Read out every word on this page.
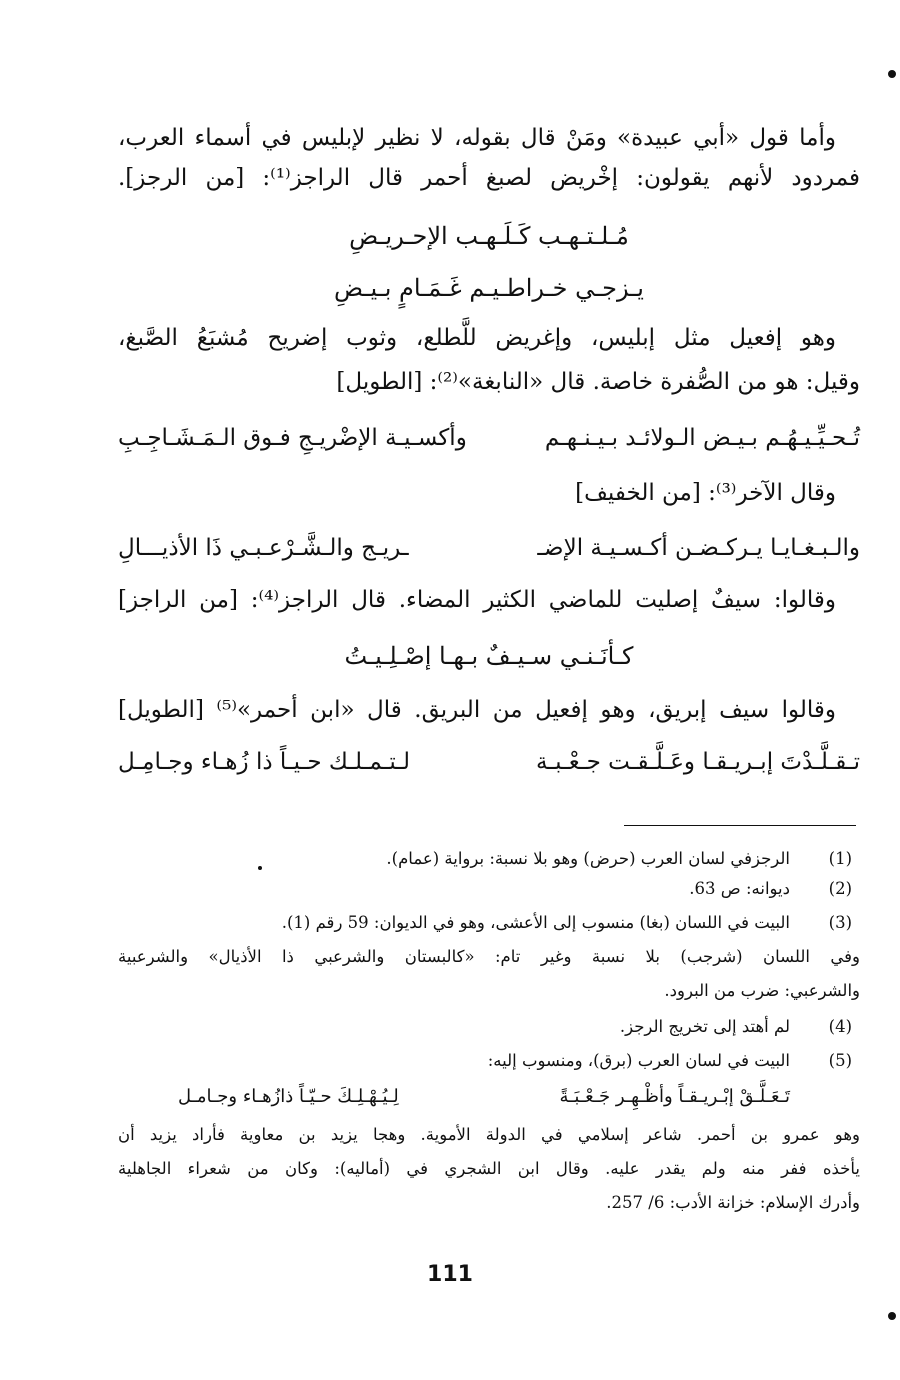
وأما قول «أبي عبيدة» ومَنْ قال بقوله، لا نظير لإبليس في أسماء العرب،
فمردود لأنهم يقولون: إخْريض لصبغ أحمر قال الراجز⁽¹⁾: [من الرجز].
مُـلـتـهـب كَـلَـهـب الإحـريـضِ
يـزجـي خـراطـيـم غَـمَـامٍ بـيـضِ
وهو إفعيل مثل إبليس، وإغريض للَّطلع، وثوب إضريح مُشبَعُ الصَّبغ،
وقيل: هو من الصُّفرة خاصة. قال «النابغة»⁽²⁾: [الطويل]
تُـحـيِّـيـهُـم بـيـض الـولائـد بـيـنـهـم
وأكسـيـة الإضْريـجِ فـوق الـمَـشَـاجِـبِ
وقال الآخر⁽³⁾: [من الخفيف]
والـبـغـايـا يـركـضـن أكـسـيـة الإضـ
ـريـج والـشَّـرْعـبـي ذَا الأذيـــالِ
وقالوا: سيفٌ إصليت للماضي الكثير المضاء. قال الراجز⁽⁴⁾: [من الراجز]
كـأنَـنـي سـيـفٌ بـهـا إصْـلِـيـتُ
وقالوا سيف إبريق، وهو إفعيل من البريق. قال «ابن أحمر»⁽⁵⁾ [الطويل]
تـقـلَّـدْتَ إبـريـقـا وعَـلَّـقـت جـعْـبـة
لـتـمـلـك حـيـاً ذا زُهـاء وجـامِـل
(1)
الرجزفي لسان العرب (حرض) وهو بلا نسبة: برواية (عمام).
(2)
ديوانه: ص 63.
(3)
البيت في اللسان (بغا) منسوب إلى الأعشى، وهو في الديوان: 59 رقم (1).
وفي اللسان (شرجب) بلا نسبة وغير تام: «كالبستان والشرعبي ذا الأذيال» والشرعبية
والشرعبي: ضرب من البرود.
(4)
لم أهتد إلى تخريج الرجز.
(5)
البيت في لسان العرب (برق)، ومنسوب إليه:
تَـعَـلَّـقْ إبْـريـقـاً وأظْـهِـر جَـعْـبَـةً
لِـيُـهْـلِـكَ حـيّـاً ذازُهـاء وجـامـل
وهو عمرو بن أحمر. شاعر إسلامي في الدولة الأموية. وهجا يزيد بن معاوية فأراد يزيد أن
يأخذه ففر منه ولم يقدر عليه. وقال ابن الشجري في (أماليه): وكان من شعراء الجاهلية
وأدرك الإسلام: خزانة الأدب: 6/ 257.
111
